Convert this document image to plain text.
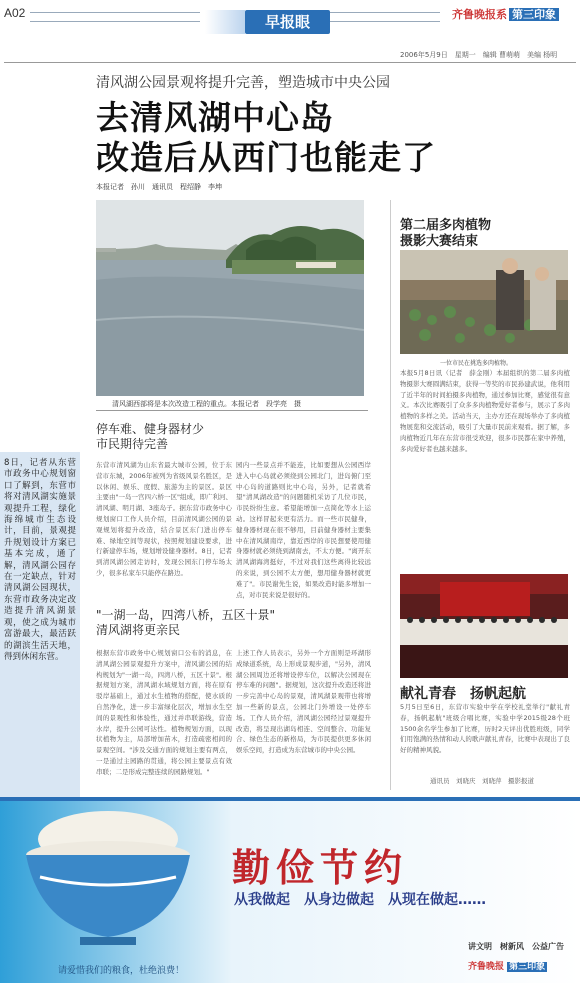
A02	早报眼	齐鲁晚报系 第三印象
2006年5月9日　星期一　编辑 曹萌萌　美编 杨明
清风湖公园景观将提升完善，塑造城市中央公园
去清风湖中心岛
改造后从西门也能走了
本报记者　孙川　通讯员　程绍静　李坤
清风湖西部将是本次改造工程的重点。本报记者　段学亮　摄
8日，记者从东营市政务中心规划窗口了解到，东营市将对清风湖实施景观提升工程，绿化海绵城市生态设计，目前，景观提升规划设计方案已基本完成，通了解，清风湖公园存在一定缺点，针对清风湖公园现状，东营市政务决定改造提升清风湖景观，使之成为城市富游最大，最活跃的湖滨生活天地，得到休闲东营。
停车难、健身器材少
市民期待完善
东营市清风湖为山东省最大城市公园，位于东营市东城，2006年被列为省级风景名胜区，是以休闲、娱乐、度假、旅游为主的景区。景区主要由"一岛一宫四六桥一区"组成，即广利河、清风湖、明月湖、3座岛子。据东营市政务中心规划窗口工作人员介绍，目前清风湖公园的景观规划将提升改造，结合景区东门进出停车难、绿地空间等现状，按照规划建设要求，进行新建停车场，规划增设健身器材。8日，记者到清风湖公园走访时，发现公园东门停车场太少，很多私家车只能停在路边。
园内一些景点并不能连，比如要想从公园西岸进入中心岛就必须绕到公园北门，进岛俯门至中心岛的道路则比中心岛，另外，记者就希望"清风湖改造"的问题随机采访了几位市民，市民纷纷生意。希望能增加一点简化等水上运动。这样冒起来更有活力。而一些市民健身，健身器材现在很不够用，目前健身器材主要集中在清风湖南岸，靠近西岸的市民想要使用健身器材就必须绕到湖南去，不太方便。"离开东清风湖海湾挺好，不过对我们这些离得比较远的来说，到公园不太方便，想用健身器材就更难了"。市民谢先生说，如果改造时能多增加一点，对市民来说是很好的。
"一湖一岛，四湾八桥，五区十景"
清风湖将更亲民
根据东营市政务中心规划窗口公布的消息，在清风湖公园景观提升方案中，清风湖公园的结构规划为"一湖一岛，四湾八桥，五区十景"。根据规划方案，清风湖水域规划方面，将在原有驳岸基础上，通过水生植物的搭配，使水质的自然净化，进一步丰富绿化层次，增加水生空间的景观性和体验性，通过并串联游线，营造水岸，提升公园可达性。植物规划方面，以现状植物为主，局部增加苗木，打造疏密相间的景观空间。"涉及交通方面的规划主要有两点，一是通过主园路的贯通，将公园主要景点有效串联；二是形成完整连续的园路规划。"
上述工作人员表示，另外一个方面则是环湖形成绿道系统，岛上形成景观步道，"另外，清风湖公园周边还将增设停车位，以解决公园现在停车难的问题"。据规划，这次提升改造还将进一步完善中心岛的景观，清风湖景观带也将增加一些新的景点，公园北门外增设一处停车场。工作人员介绍，清风湖公园经过景观提升改造，将呈现出湖岛相连、空间整合、功能复合、绿色生态的新格局，为市民提供更多休闲娱乐空间，打造成为东营城市的中央公园。
第二届多肉植物
摄影大赛结束
一位市民在挑选多肉植物。
本报5月8日讯（记者　薛金刚）本届组织的第二届多肉植物摄影大赛圆满结束，获得一等奖的市民孙建武说，他利用了近半年的时间拍摄多肉植物，通过参加比赛，感觉很有意义。本次比赛吸引了众多多肉植物爱好者参与，展示了多肉植物的多样之美。活动当天，主办方还在现场举办了多肉植物展览和交流活动，吸引了大量市民前来观看。据了解，多肉植物近几年在东营市很受欢迎，很多市民都在家中养殖，多肉爱好者也越来越多。
献礼青春　扬帆起航
5月5日至6日，东营市实验中学在学校礼堂举行"献礼青春，扬帆起航"班级合唱比赛，实验中学2015级28个班1500余名学生参加了比赛，历时2天评出优胜班级，同学们用饱满的热情和动人的歌声献礼青春，比赛中表现出了良好的精神风貌。
通讯员　刘晓庆　刘晓萍　摄影报道
勤俭节约
从我做起　从身边做起　从现在做起……
请爱惜我们的粮食，杜绝浪费！
讲文明　树新风　公益广告
齐鲁晚报 第三印象
